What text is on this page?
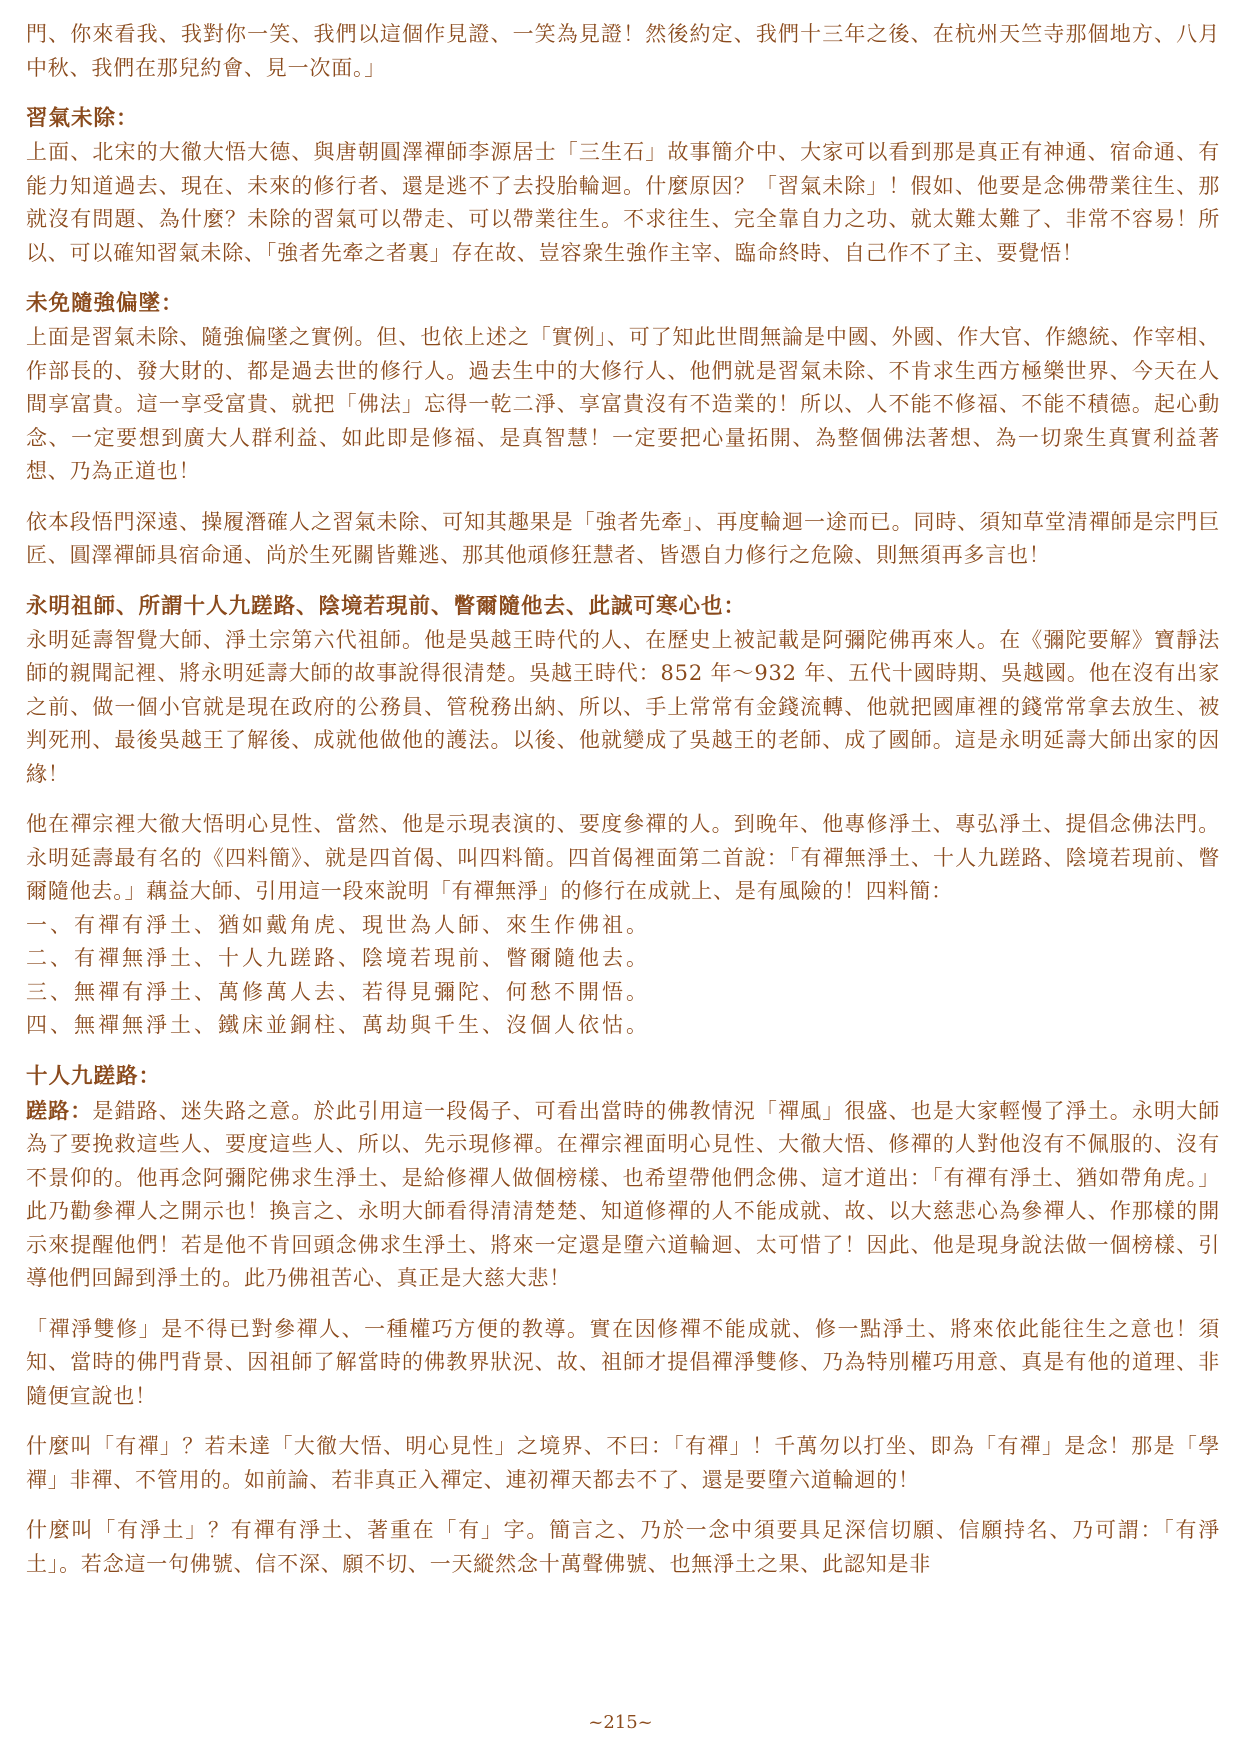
門、你來看我、我對你一笑、我們以這個作見證、一笑為見證！然後約定、我們十三年之後、在杭州天竺寺那個地方、八月中秋、我們在那兒約會、見一次面。」

習氣未除：

上面、北宋的大徹大悟大德、與唐朝圓澤禪師李源居士「三生石」故事簡介中、大家可以看到那是真正有神通、宿命通、有能力知道過去、現在、未來的修行者、還是逃不了去投胎輪迴。什麼原因？「習氣未除」！假如、他要是念佛帶業往生、那就沒有問題、為什麼？未除的習氣可以帶走、可以帶業往生。不求往生、完全靠自力之功、就太難太難了、非常不容易！所以、可以確知習氣未除、「強者先牽之者裏」存在故、豈容衆生強作主宰、臨命終時、自己作不了主、要覺悟！

未免隨強偏墜：

上面是習氣未除、隨強偏墜之實例。但、也依上述之「實例」、可了知此世間無論是中國、外國、作大官、作總統、作宰相、作部長的、發大財的、都是過去世的修行人。過去生中的大修行人、他們就是習氣未除、不肯求生西方極樂世界、今天在人間享富貴。這一享受富貴、就把「佛法」忘得一乾二淨、享富貴沒有不造業的！所以、人不能不修福、不能不積德。起心動念、一定要想到廣大人群利益、如此即是修福、是真智慧！一定要把心量拓開、為整個佛法著想、為一切衆生真實利益著想、乃為正道也！

依本段悟門深遠、操履潛確人之習氣未除、可知其趣果是「強者先牽」、再度輪迴一途而已。同時、須知草堂清禪師是宗門巨匠、圓澤禪師具宿命通、尚於生死關皆難逃、那其他頑修狂慧者、皆憑自力修行之危險、則無須再多言也！

永明祖師、所謂十人九蹉路、陰境若現前、瞥爾隨他去、此誠可寒心也：

永明延壽智覺大師、淨土宗第六代祖師。他是吳越王時代的人、在歷史上被記載是阿彌陀佛再來人。在《彌陀要解》寶靜法師的親聞記裡、將永明延壽大師的故事說得很清楚。吳越王時代：852 年～932 年、五代十國時期、吳越國。他在沒有出家之前、做一個小官就是現在政府的公務員、管稅務出納、所以、手上常常有金錢流轉、他就把國庫裡的錢常常拿去放生、被判死刑、最後吳越王了解後、成就他做他的護法。以後、他就變成了吳越王的老師、成了國師。這是永明延壽大師出家的因緣！

他在禪宗裡大徹大悟明心見性、當然、他是示現表演的、要度參禪的人。到晚年、他專修淨土、專弘淨土、提倡念佛法門。永明延壽最有名的《四料簡》、就是四首偈、叫四料簡。四首偈裡面第二首說：「有禪無淨土、十人九蹉路、陰境若現前、瞥爾隨他去。」藕益大師、引用這一段來說明「有禪無淨」的修行在成就上、是有風險的！四料簡：

一、有禪有淨土、猶如戴角虎、現世為人師、來生作佛祖。
二、有禪無淨土、十人九蹉路、陰境若現前、瞥爾隨他去。
三、無禪有淨土、萬修萬人去、若得見彌陀、何愁不開悟。
四、無禪無淨土、鐵床並銅柱、萬劫與千生、沒個人依怙。
十人九蹉路：

蹉路：是錯路、迷失路之意。於此引用這一段偈子、可看出當時的佛教情況「禪風」很盛、也是大家輕慢了淨土。永明大師為了要挽救這些人、要度這些人、所以、先示現修禪。在禪宗裡面明心見性、大徹大悟、修禪的人對他沒有不佩服的、沒有不景仰的。他再念阿彌陀佛求生淨土、是給修禪人做個榜樣、也希望帶他們念佛、這才道出：「有禪有淨土、猶如帶角虎。」此乃勸參禪人之開示也！換言之、永明大師看得清清楚楚、知道修禪的人不能成就、故、以大慈悲心為參禪人、作那樣的開示來提醒他們！若是他不肯回頭念佛求生淨土、將來一定還是墮六道輪迴、太可惜了！因此、他是現身說法做一個榜樣、引導他們回歸到淨土的。此乃佛祖苦心、真正是大慈大悲！

「禪淨雙修」是不得已對參禪人、一種權巧方便的教導。實在因修禪不能成就、修一點淨土、將來依此能往生之意也！須知、當時的佛門背景、因祖師了解當時的佛教界狀況、故、祖師才提倡禪淨雙修、乃為特別權巧用意、真是有他的道理、非隨便宣說也！

什麼叫「有禪」？若未達「大徹大悟、明心見性」之境界、不曰：「有禪」！千萬勿以打坐、即為「有禪」是念！那是「學禪」非禪、不管用的。如前論、若非真正入禪定、連初禪天都去不了、還是要墮六道輪迴的！

什麼叫「有淨土」？有禪有淨土、著重在「有」字。簡言之、乃於一念中須要具足深信切願、信願持名、乃可謂：「有淨土」。若念這一句佛號、信不深、願不切、一天縱然念十萬聲佛號、也無淨土之果、此認知是非

~215~
